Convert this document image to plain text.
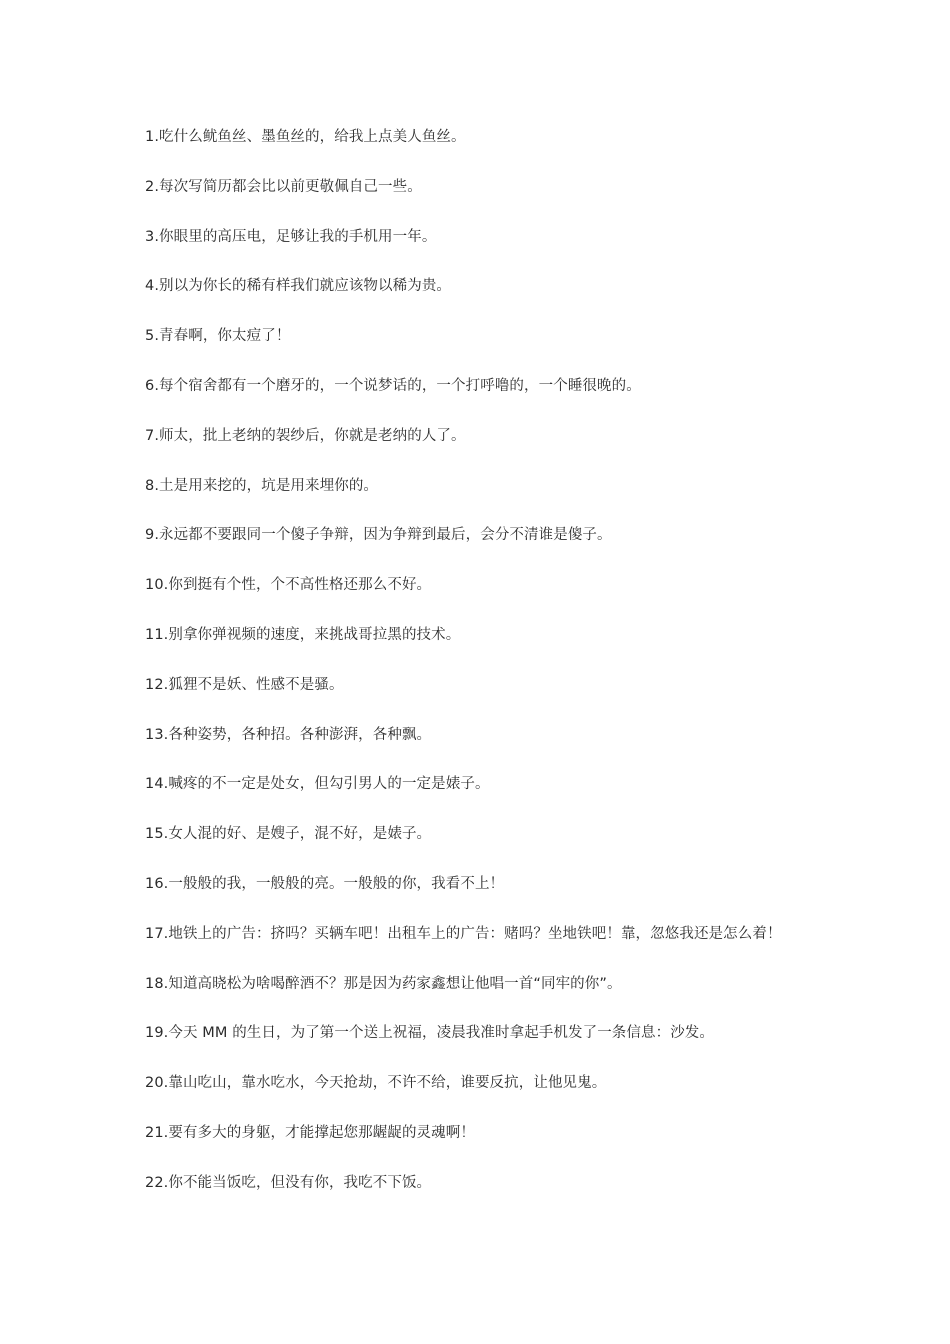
1.吃什么鱿鱼丝、墨鱼丝的，给我上点美人鱼丝。
2.每次写简历都会比以前更敬佩自己一些。
3.你眼里的高压电，足够让我的手机用一年。
4.别以为你长的稀有样我们就应该物以稀为贵。
5.青春啊，你太痘了！
6.每个宿舍都有一个磨牙的，一个说梦话的，一个打呼噜的，一个睡很晚的。
7.师太，批上老纳的袈纱后，你就是老纳的人了。
8.土是用来挖的，坑是用来埋你的。
9.永远都不要跟同一个傻子争辩，因为争辩到最后，会分不清谁是傻子。
10.你到挺有个性，个不高性格还那么不好。
11.别拿你弹视频的速度，来挑战哥拉黑的技术。
12.狐狸不是妖、性感不是骚。
13.各种姿势，各种招。各种澎湃，各种飘。
14.喊疼的不一定是处女，但勾引男人的一定是婊子。
15.女人混的好、是嫂子，混不好，是婊子。
16.一般般的我，一般般的亮。一般般的你，我看不上！
17.地铁上的广告：挤吗？买辆车吧！出租车上的广告：赌吗？坐地铁吧！靠，忽悠我还是怎么着！
18.知道高晓松为啥喝醉酒不？那是因为药家鑫想让他唱一首“同牢的你”。
19.今天 MM 的生日，为了第一个送上祝福，凌晨我准时拿起手机发了一条信息：沙发。
20.靠山吃山，靠水吃水，今天抢劫，不许不给，谁要反抗，让他见鬼。
21.要有多大的身躯，才能撑起您那龌龊的灵魂啊！
22.你不能当饭吃，但没有你，我吃不下饭。
